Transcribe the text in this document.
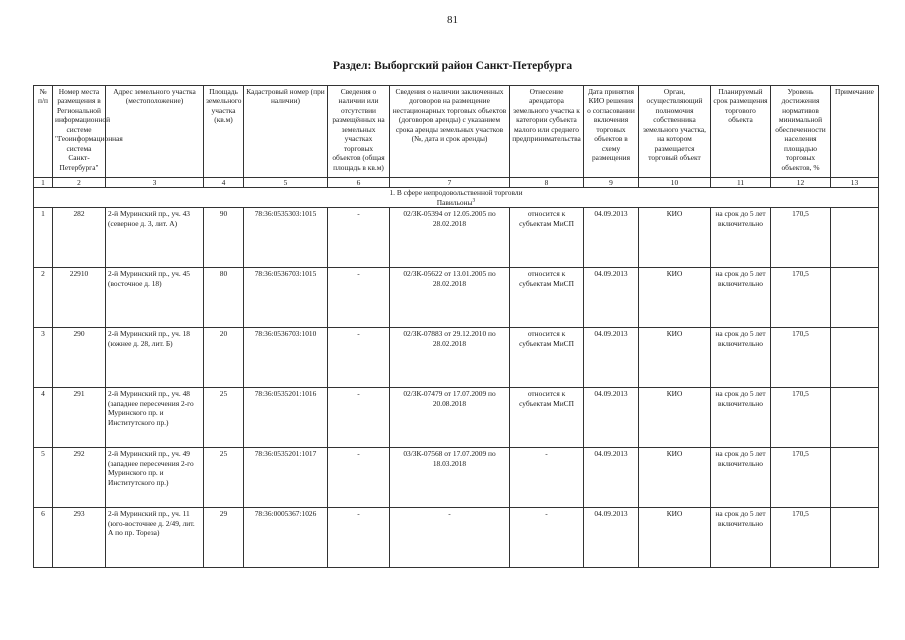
81
Раздел: Выборгский район Санкт-Петербурга
№ п/п	Номер места размещения в Региональной информационной системе "Геоинформационная система Санкт-Петербурга"	Адрес земельного участка (местоположение)	Площадь земельного участка (кв.м)	Кадастровый номер (при наличии)	Сведения о наличии или отсутствии размещённых на земельных участках торговых объектов (общая площадь в кв.м)	Сведения о наличии заключенных договоров на размещение нестационарных торговых объектов (договоров аренды) с указанием срока аренды земельных участков (№, дата и срок аренды)	Отнесение арендатора земельного участка к категории субъекта малого или среднего предпринимательства	Дата принятия КИО решения о согласовании включения торговых объектов в схему размещения	Орган, осуществляющий полномочия собственника земельного участка, на котором размещается торговый объект	Планируемый срок размещения торгового объекта	Уровень достижения нормативов минимальной обеспеченности населения площадью торговых объектов, %	Примечание
1	2	3	4	5	6	7	8	9	10	11	12	13
1. В сфере непродовольственной торговли												
Павильоны$^3$
1	282	2-й Муринский пр., уч. 43 (северное д. 3, лит. А)	90	78:36:0535303:1015	-	02/ЗК-05394 от 12.05.2005 по 28.02.2018	относится к субъектам МиСП	04.09.2013	КИО	на срок до 5 лет включительно	170,5	
2	22910	2-й Муринский пр., уч. 45 (восточное д. 18)	80	78:36:0536703:1015	-	02/ЗК-05622 от 13.01.2005 по 28.02.2018	относится к субъектам МиСП	04.09.2013	КИО	на срок до 5 лет включительно	170,5	
3	290	2-й Муринский пр., уч. 18 (южнее д. 28, лит. Б)	20	78:36:0536703:1010	-	02/ЗК-07883 от 29.12.2010 по 28.02.2018	относится к субъектам МиСП	04.09.2013	КИО	на срок до 5 лет включительно	170,5	
4	291	2-й Муринский пр., уч. 48 (западнее пересечения 2-го Муринского пр. и Институтского пр.)	25	78:36:0535201:1016	-	02/ЗК-07479 от 17.07.2009 по 20.08.2018	относится к субъектам МиСП	04.09.2013	КИО	на срок до 5 лет включительно	170,5	
5	292	2-й Муринский пр., уч. 49 (западнее пересечения 2-го Муринского пр. и Институтского пр.)	25	78:36:0535201:1017	-	03/ЗК-07568 от 17.07.2009 по 18.03.2018	-	04.09.2013	КИО	на срок до 5 лет включительно	170,5	
6	293	2-й Муринский пр., уч. 11 (юго-восточнее д. 2/49, лит. А по пр. Тореза)	29	78:36:0005367:1026	-	-	-	04.09.2013	КИО	на срок до 5 лет включительно	170,5	
